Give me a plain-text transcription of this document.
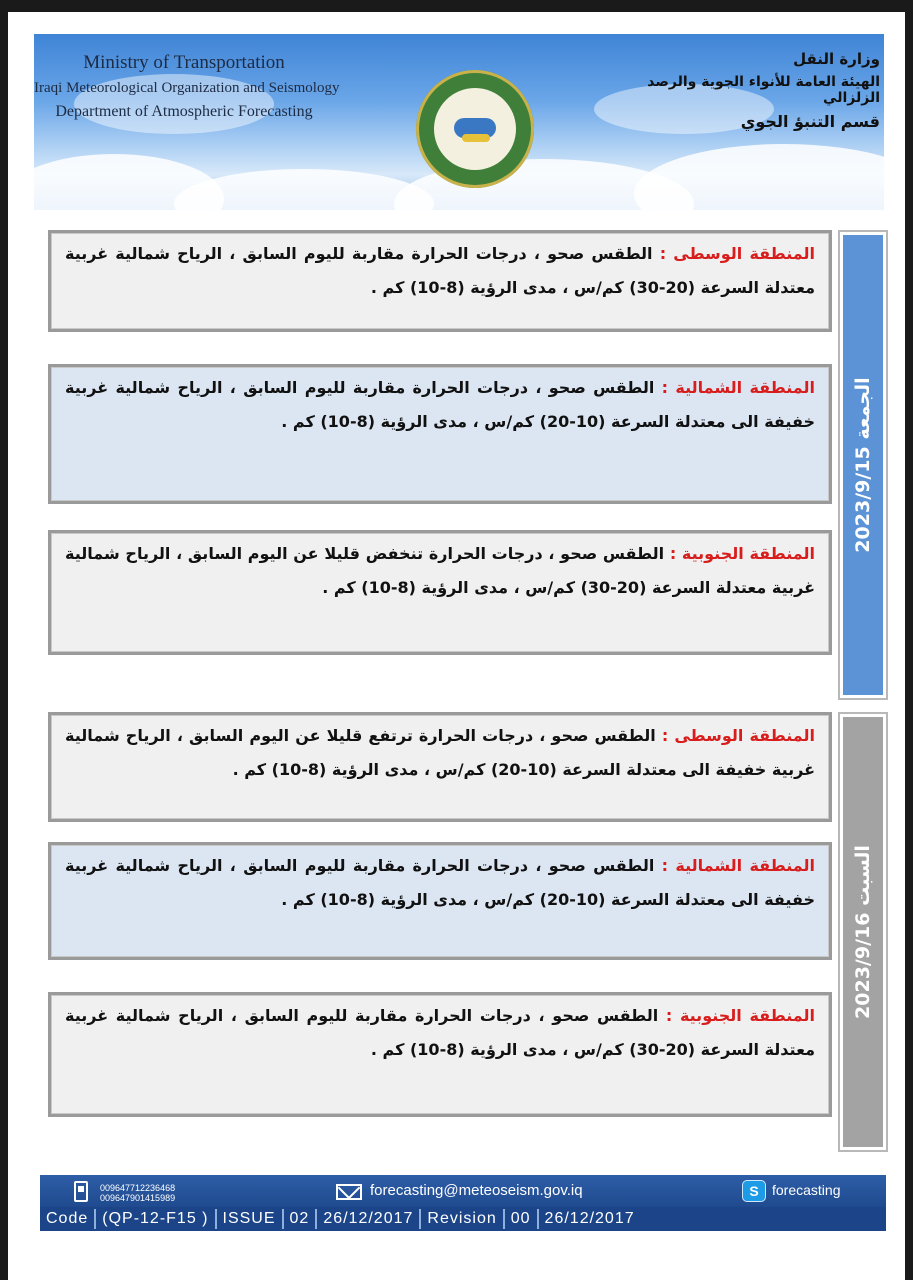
Ministry of Transportation
Iraqi Meteorological Organization and Seismology
Department of Atmospheric Forecasting
وزارة النقل
الهيئة العامة للأنواء الجوية والرصد الزلزالي
قسم التنبؤ الجوي
المنطقة الوسطى : الطقس صحو ، درجات الحرارة مقاربة لليوم السابق ، الرياح شمالية غربية معتدلة السرعة (20-30) كم/س ، مدى الرؤية (8-10) كم .
المنطقة الشمالية : الطقس صحو ، درجات الحرارة مقاربة لليوم السابق ، الرياح شمالية غربية خفيفة الى معتدلة السرعة (10-20) كم/س ، مدى الرؤية (8-10) كم .
المنطقة الجنوبية : الطقس صحو ، درجات الحرارة تنخفض قليلا عن اليوم السابق ، الرياح شمالية غربية معتدلة السرعة (20-30) كم/س ، مدى الرؤية (8-10) كم .
2023/9/15 الجمعة
المنطقة الوسطى : الطقس صحو ، درجات الحرارة ترتفع قليلا عن اليوم السابق ، الرياح شمالية غربية خفيفة الى معتدلة السرعة (10-20) كم/س ، مدى الرؤية (8-10) كم .
المنطقة الشمالية : الطقس صحو ، درجات الحرارة مقاربة لليوم السابق ، الرياح شمالية غربية خفيفة الى معتدلة السرعة (10-20) كم/س ، مدى الرؤية (8-10) كم .
المنطقة الجنوبية : الطقس صحو ، درجات الحرارة مقاربة لليوم السابق ، الرياح شمالية غربية معتدلة السرعة (20-30) كم/س ، مدى الرؤية (8-10) كم .
2023/9/16 السبت
009647712236468
009647901415989	forecasting@meteoseism.gov.iq	S forecasting
Code (QP-12-F15 ) ISSUE 02 26/12/2017 Revision 00 26/12/2017
